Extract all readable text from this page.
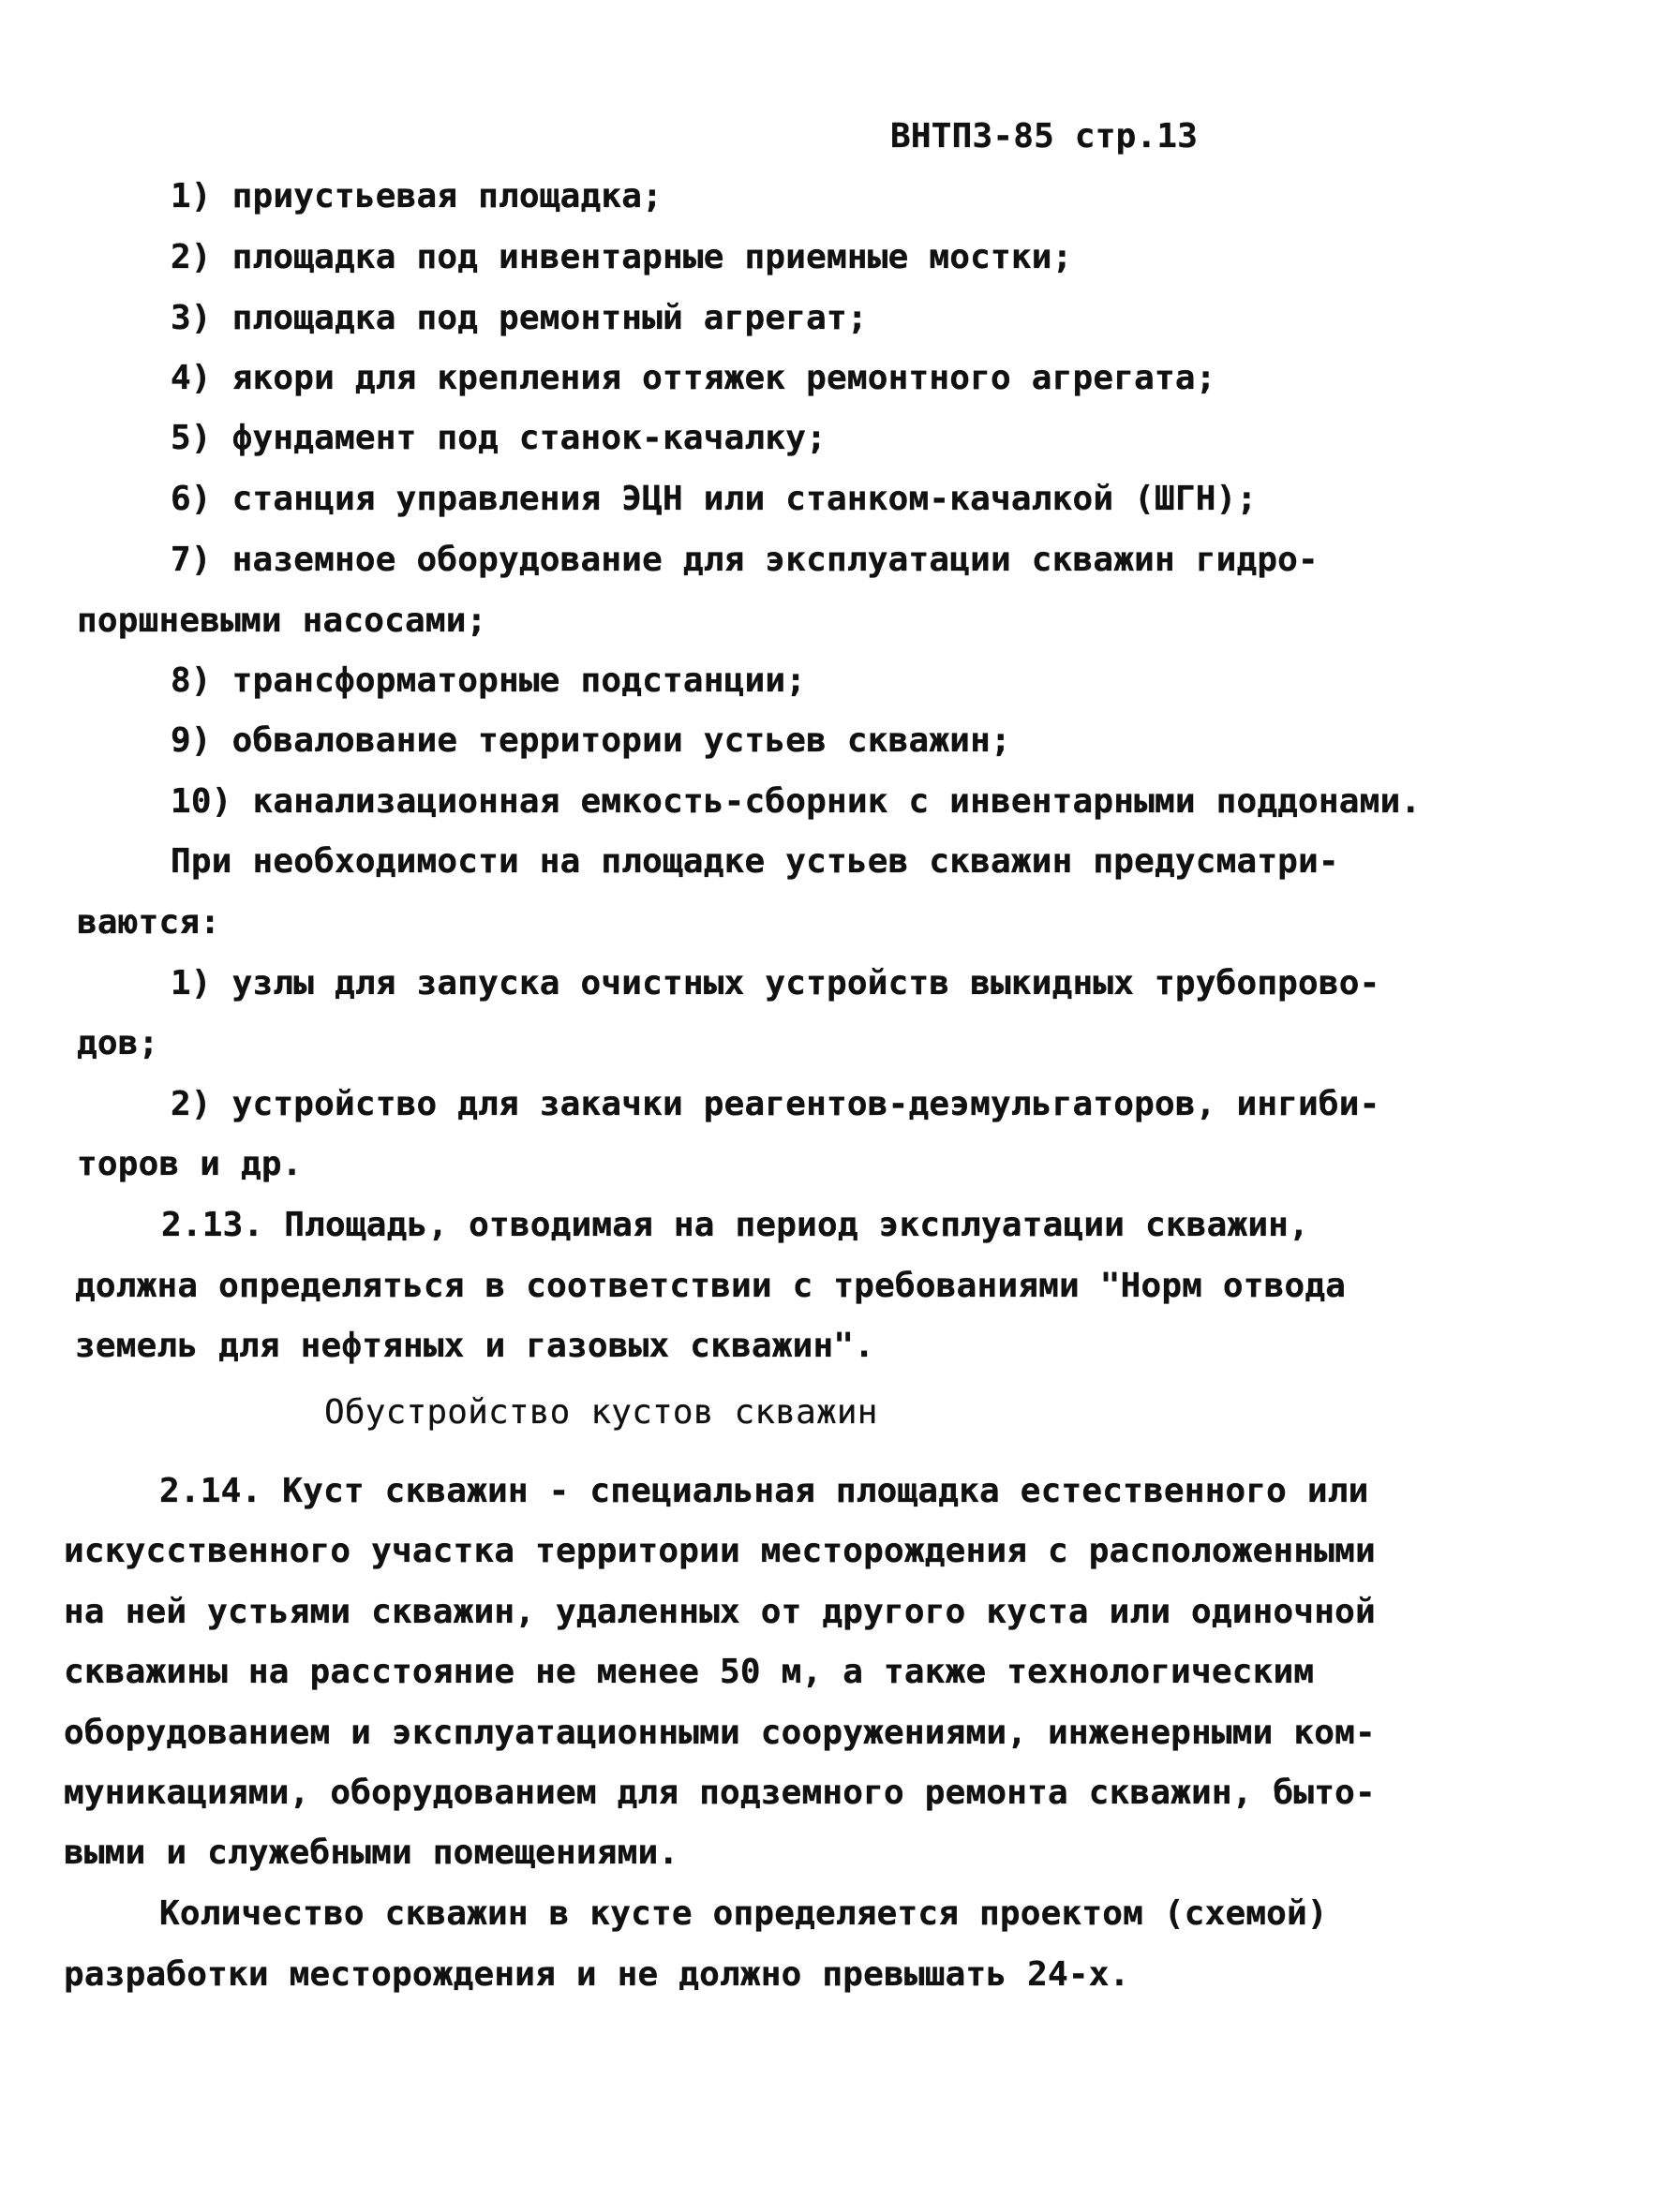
ВНТП3-85 стр.13
1) приустьевая площадка;
2) площадка под инвентарные приемные мостки;
3) площадка под ремонтный агрегат;
4) якори для крепления оттяжек ремонтного агрегата;
5) фундамент под станок-качалку;
6) станция управления ЭЦН или станком-качалкой (ШГН);
7) наземное оборудование для эксплуатации скважин гидро-
поршневыми насосами;
8) трансформаторные подстанции;
9) обвалование территории устьев скважин;
10) канализационная емкость-сборник с инвентарными поддонами.
При необходимости на площадке устьев скважин предусматри-
ваются:
1) узлы для запуска очистных устройств выкидных трубопрово-
дов;
2) устройство для закачки реагентов-деэмульгаторов, ингиби-
торов и др.
2.13. Площадь, отводимая на период эксплуатации скважин,
должна определяться в соответствии с требованиями "Норм отвода
земель для нефтяных и газовых скважин".
Обустройство кустов скважин
2.14. Куст скважин - специальная площадка естественного или
искусственного участка территории месторождения с расположенными
на ней устьями скважин, удаленных от другого куста или одиночной
скважины на расстояние не менее 50 м, а также технологическим
оборудованием и эксплуатационными сооружениями, инженерными ком-
муникациями, оборудованием для подземного ремонта скважин, быто-
выми и служебными помещениями.
Количество скважин в кусте определяется проектом (схемой)
разработки месторождения и не должно превышать 24-х.
